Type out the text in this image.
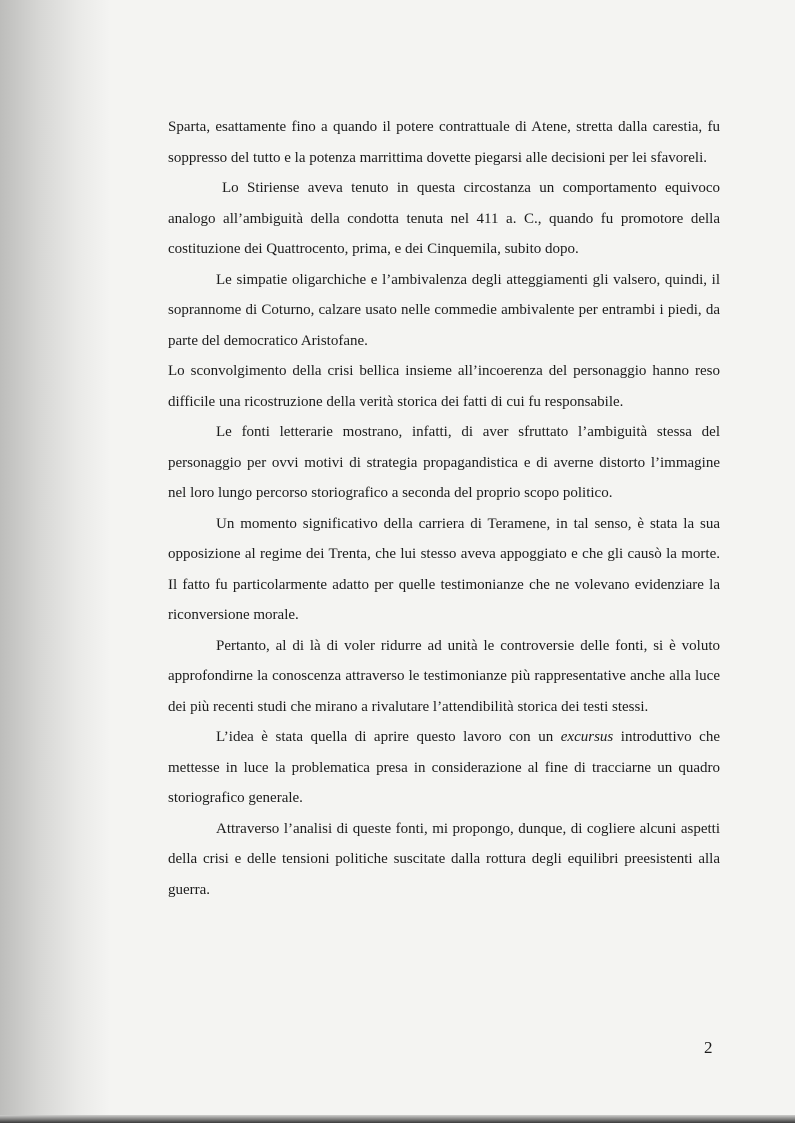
Sparta, esattamente fino a quando il potere contrattuale di Atene, stretta dalla carestia, fu soppresso del tutto e la potenza marrittima dovette piegarsi alle decisioni per lei sfavoreli.

Lo Stiriense aveva tenuto in questa circostanza un comportamento equivoco analogo all’ambiguità della condotta tenuta nel 411 a. C., quando fu promotore della costituzione dei Quattrocento, prima, e dei Cinquemila, subito dopo.

Le simpatie oligarchiche e l’ambivalenza degli atteggiamenti gli valsero, quindi, il soprannome di Coturno, calzare usato nelle commedie ambivalente per entrambi i piedi, da parte del democratico Aristofane.

Lo sconvolgimento della crisi bellica insieme all’incoerenza del personaggio hanno reso difficile una ricostruzione della verità storica dei fatti di cui fu responsabile.

Le fonti letterarie mostrano, infatti, di aver sfruttato l’ambiguità stessa del personaggio per ovvi motivi di strategia propagandistica e di averne distorto l’immagine nel loro lungo percorso storiografico a seconda del proprio scopo politico.

Un momento significativo della carriera di Teramene, in tal senso, è stata la sua opposizione al regime dei Trenta, che lui stesso aveva appoggiato e che gli causò la morte. Il fatto fu particolarmente adatto per quelle testimonianze che ne volevano evidenziare la riconversione morale.

Pertanto, al di là di voler ridurre ad unità le controversie delle fonti, si è voluto approfondirne la conoscenza attraverso le testimonianze più rappresentative anche alla luce dei più recenti studi che mirano a rivalutare l’attendibilità storica dei testi stessi.

L’idea è stata quella di aprire questo lavoro con un excursus introduttivo che mettesse in luce la problematica presa in considerazione al fine di tracciarne un quadro storiografico generale.

Attraverso l’analisi di queste fonti, mi propongo, dunque, di cogliere alcuni aspetti della crisi e delle tensioni politiche suscitate dalla rottura degli equilibri preesistenti alla guerra.

2
